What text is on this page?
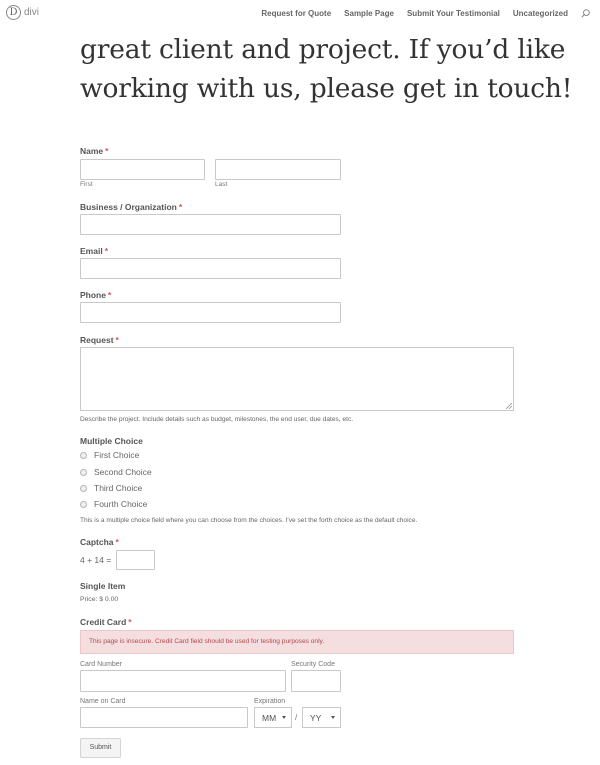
D divi	Request for Quote Sample Page Submit Your Testimonial Uncategorized
great client and project. If you’d like
working with us, please get in touch!
Name *
First	Last
Business / Organization *
Email *
Phone *
Request *
Describe the project. Include details such as budget, milestones, the end user, due dates, etc.
Multiple Choice
First Choice
Second Choice
Third Choice
Fourth Choice
This is a multiple choice field where you can choose from the choices. I've set the forth choice as the default choice.
Captcha *
4 + 14 =
Single Item
Price: $ 0.00
Credit Card *
This page is insecure. Credit Card field should be used for testing purposes only.
Card Number	Security Code
Name on Card	Expiration
MM / YY
Submit
